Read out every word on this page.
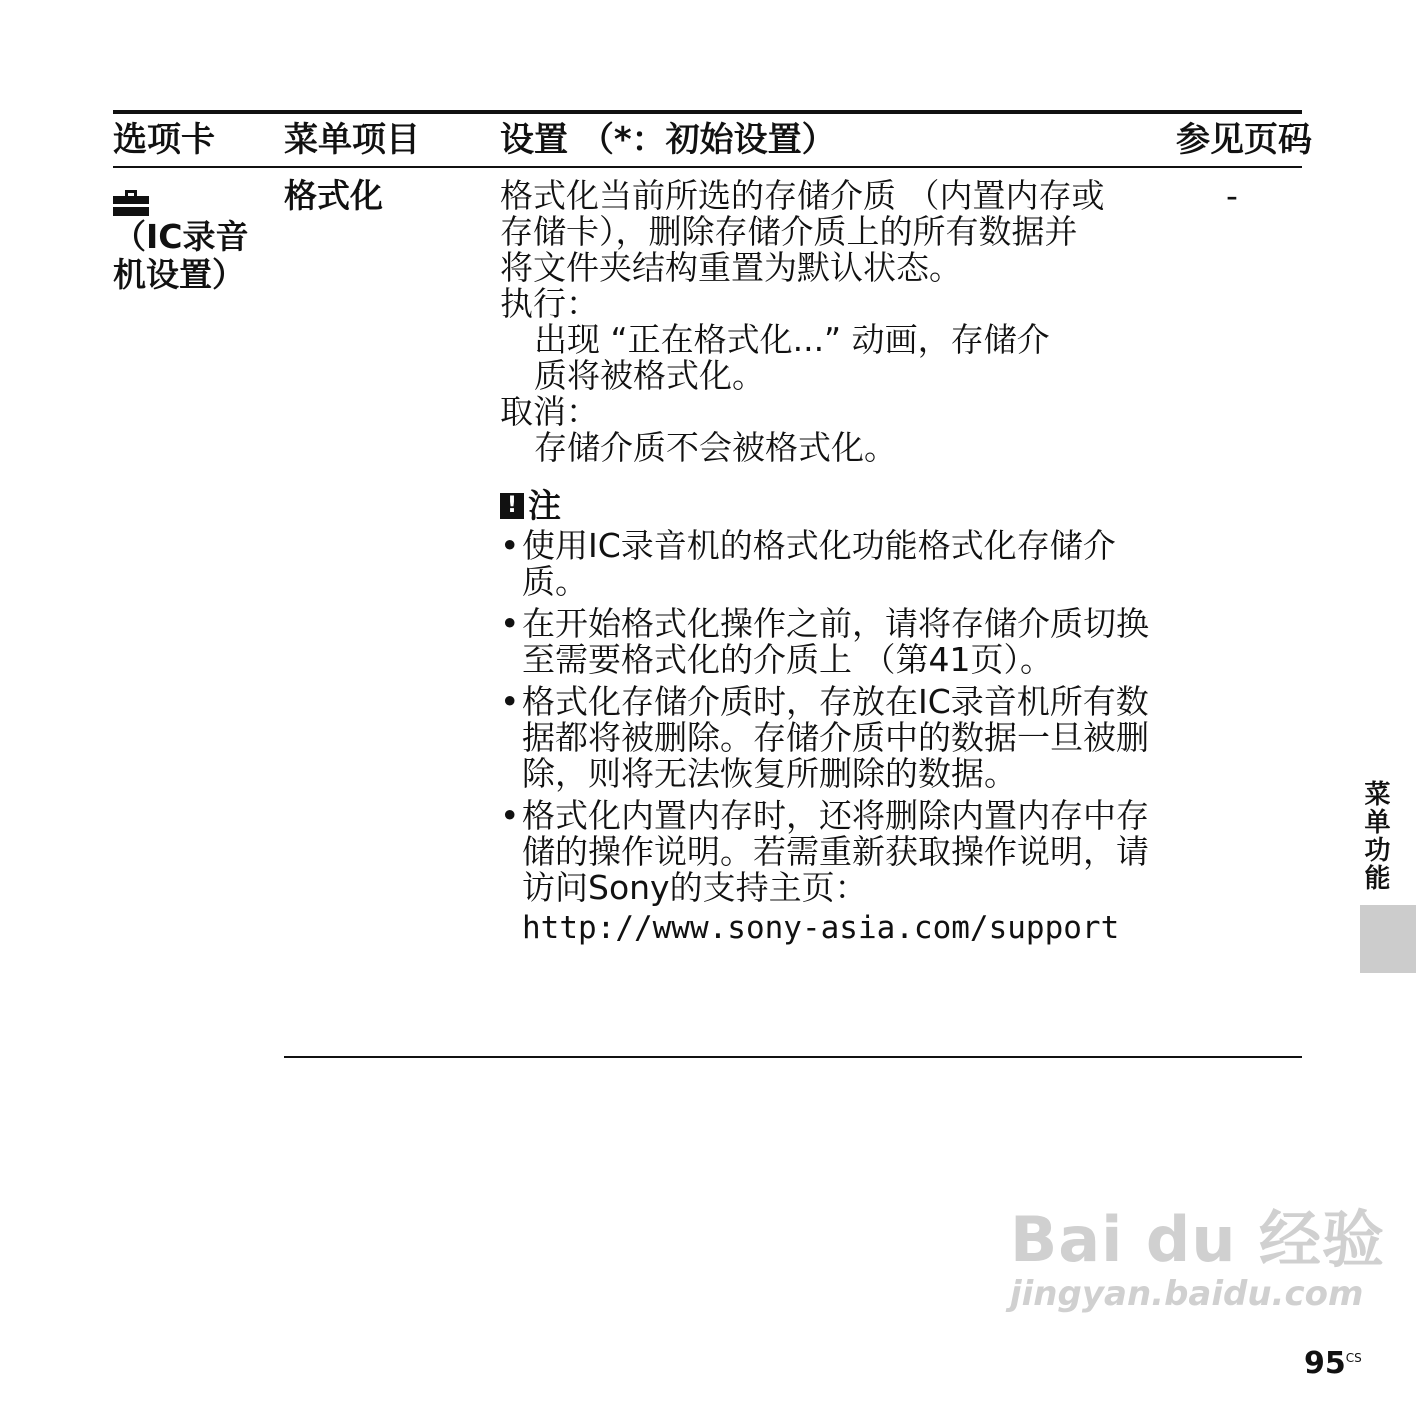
选项卡 菜单项目 设置 （*：初始设置）	参见页码
（IC录音
机设置）
格式化	格式化当前所选的存储介质 （内置内存或
存储卡），删除存储介质上的所有数据并
将文件夹结构重置为默认状态。
执行：
出现 “正在格式化...” 动画，存储介
质将被格式化。
取消：
存储介质不会被格式化。
! 注
• 使用IC录音机的格式化功能格式化存储介质。
• 在开始格式化操作之前，请将存储介质切换至需要格式化的介质上 （第41页）。
• 格式化存储介质时，存放在IC录音机所有数据都将被删除。存储介质中的数据一旦被删除，则将无法恢复所删除的数据。
• 格式化内置内存时，还将删除内置内存中存储的操作说明。若需重新获取操作说明，请访问Sony的支持主页：
http://www.sony-asia.com/support
-
菜单功能
Bai du 经验
jingyan.baidu.com
$95^{CS}$
